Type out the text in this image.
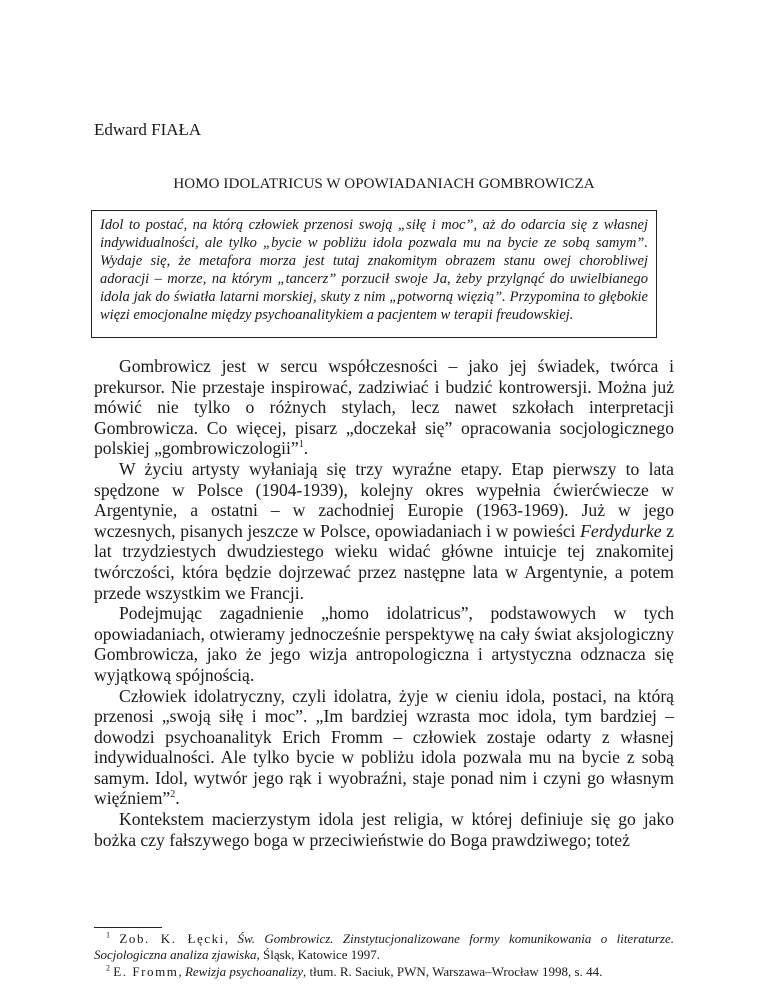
Edward FIAŁA
HOMO IDOLATRICUS W OPOWIADANIACH GOMBROWICZA
Idol to postać, na którą człowiek przenosi swoją „siłę i moc”, aż do odarcia się z własnej indywidualności, ale tylko „bycie w pobliżu idola pozwala mu na bycie ze sobą samym”. Wydaje się, że metafora morza jest tutaj znakomitym obrazem stanu owej chorobliwej adoracji – morze, na którym „tancerz” porzucił swoje Ja, żeby przylgnąć do uwielbianego idola jak do światła latarni morskiej, skuty z nim „potworną więzią”. Przypomina to głębokie więzi emocjonalne między psychoanalitykiem a pacjentem w terapii freudowskiej.

Gombrowicz jest w sercu współczesności – jako jej świadek, twórca i prekursor. Nie przestaje inspirować, zadziwiać i budzić kontrowersji. Można już mówić nie tylko o różnych stylach, lecz nawet szkołach interpretacji Gombrowicza. Co więcej, pisarz „doczekał się” opracowania socjologicznego polskiej „gombrowiczologii”$^1$.

W życiu artysty wyłaniają się trzy wyraźne etapy. Etap pierwszy to lata spędzone w Polsce (1904-1939), kolejny okres wypełnia ćwierćwiecze w Argentynie, a ostatni – w zachodniej Europie (1963-1969). Już w jego wczesnych, pisanych jeszcze w Polsce, opowiadaniach i w powieści Ferdydurke z lat trzydziestych dwudziestego wieku widać główne intuicje tej znakomitej twórczości, która będzie dojrzewać przez następne lata w Argentynie, a potem przede wszystkim we Francji.

Podejmując zagadnienie „homo idolatricus”, podstawowych w tych opowiadaniach, otwieramy jednocześnie perspektywę na cały świat aksjologiczny Gombrowicza, jako że jego wizja antropologiczna i artystyczna odznacza się wyjątkową spójnością.

Człowiek idolatryczny, czyli idolatra, żyje w cieniu idola, postaci, na którą przenosi „swoją siłę i moc”. „Im bardziej wzrasta moc idola, tym bardziej – dowodzi psychoanalityk Erich Fromm – człowiek zostaje odarty z własnej indywidualności. Ale tylko bycie w pobliżu idola pozwala mu na bycie z sobą samym. Idol, wytwór jego rąk i wyobraźni, staje ponad nim i czyni go własnym więźniem”$^2$.

Kontekstem macierzystym idola jest religia, w której definiuje się go jako bożka czy fałszywego boga w przeciwieństwie do Boga prawdziwego; toteż

$^1$ Zob. K. Łęcki, Św. Gombrowicz. Zinstytucjonalizowane formy komunikowania o literaturze. Socjologiczna analiza zjawiska, Śląsk, Katowice 1997.

$^2$ E. Fromm, Rewizja psychoanalizy, tłum. R. Saciuk, PWN, Warszawa–Wrocław 1998, s. 44.
